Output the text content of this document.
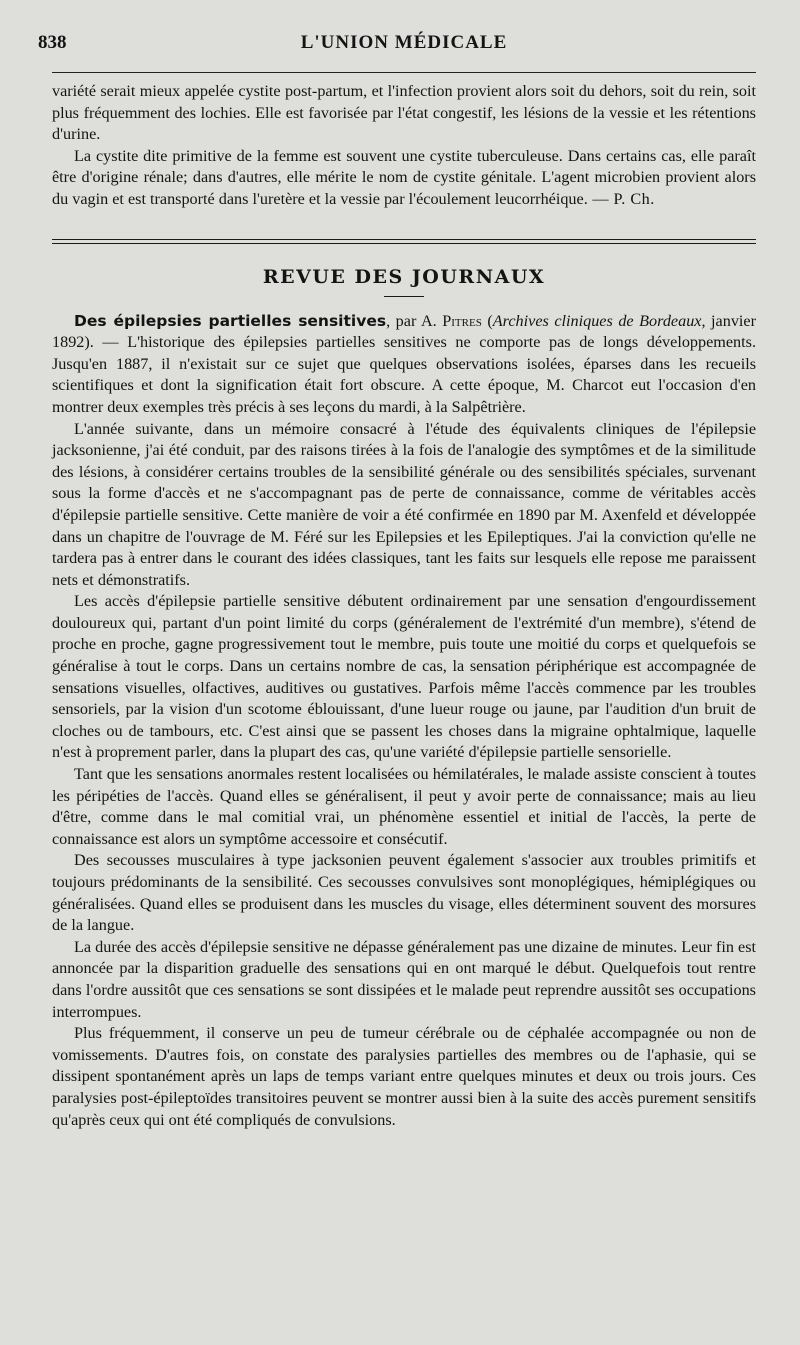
838	L'UNION MÉDICALE

variété serait mieux appelée cystite post-partum, et l'infection provient alors soit du dehors, soit du rein, soit plus fréquemment des lochies. Elle est favorisée par l'état congestif, les lésions de la vessie et les rétentions d'urine.

La cystite dite primitive de la femme est souvent une cystite tuberculeuse. Dans certains cas, elle paraît être d'origine rénale; dans d'autres, elle mérite le nom de cystite génitale. L'agent microbien provient alors du vagin et est transporté dans l'uretère et la vessie par l'écoulement leucorrhéique. — P. Ch.

REVUE DES JOURNAUX

Des épilepsies partielles sensitives, par A. Pitres (Archives cliniques de Bordeaux, janvier 1892). — L'historique des épilepsies partielles sensitives ne comporte pas de longs développements. Jusqu'en 1887, il n'existait sur ce sujet que quelques observations isolées, éparses dans les recueils scientifiques et dont la signification était fort obscure. A cette époque, M. Charcot eut l'occasion d'en montrer deux exemples très précis à ses leçons du mardi, à la Salpêtrière.

L'année suivante, dans un mémoire consacré à l'étude des équivalents cliniques de l'épilepsie jacksonienne, j'ai été conduit, par des raisons tirées à la fois de l'analogie des symptômes et de la similitude des lésions, à considérer certains troubles de la sensibilité générale ou des sensibilités spéciales, survenant sous la forme d'accès et ne s'accompagnant pas de perte de connaissance, comme de véritables accès d'épilepsie partielle sensitive. Cette manière de voir a été confirmée en 1890 par M. Axenfeld et développée dans un chapitre de l'ouvrage de M. Féré sur les Epilepsies et les Epileptiques. J'ai la conviction qu'elle ne tardera pas à entrer dans le courant des idées classiques, tant les faits sur lesquels elle repose me paraissent nets et démonstratifs.

Les accès d'épilepsie partielle sensitive débutent ordinairement par une sensation d'engourdissement douloureux qui, partant d'un point limité du corps (généralement de l'extrémité d'un membre), s'étend de proche en proche, gagne progressivement tout le membre, puis toute une moitié du corps et quelquefois se généralise à tout le corps. Dans un certains nombre de cas, la sensation périphérique est accompagnée de sensations visuelles, olfactives, auditives ou gustatives. Parfois même l'accès commence par les troubles sensoriels, par la vision d'un scotome éblouissant, d'une lueur rouge ou jaune, par l'audition d'un bruit de cloches ou de tambours, etc. C'est ainsi que se passent les choses dans la migraine ophtalmique, laquelle n'est à proprement parler, dans la plupart des cas, qu'une variété d'épilepsie partielle sensorielle.

Tant que les sensations anormales restent localisées ou hémilatérales, le malade assiste conscient à toutes les péripéties de l'accès. Quand elles se généralisent, il peut y avoir perte de connaissance; mais au lieu d'être, comme dans le mal comitial vrai, un phénomène essentiel et initial de l'accès, la perte de connaissance est alors un symptôme accessoire et consécutif.

Des secousses musculaires à type jacksonien peuvent également s'associer aux troubles primitifs et toujours prédominants de la sensibilité. Ces secousses convulsives sont monoplégiques, hémiplégiques ou généralisées. Quand elles se produisent dans les muscles du visage, elles déterminent souvent des morsures de la langue.

La durée des accès d'épilepsie sensitive ne dépasse généralement pas une dizaine de minutes. Leur fin est annoncée par la disparition graduelle des sensations qui en ont marqué le début. Quelquefois tout rentre dans l'ordre aussitôt que ces sensations se sont dissipées et le malade peut reprendre aussitôt ses occupations interrompues.

Plus fréquemment, il conserve un peu de tumeur cérébrale ou de céphalée accompagnée ou non de vomissements. D'autres fois, on constate des paralysies partielles des membres ou de l'aphasie, qui se dissipent spontanément après un laps de temps variant entre quelques minutes et deux ou trois jours. Ces paralysies post-épileptoïdes transitoires peuvent se montrer aussi bien à la suite des accès purement sensitifs qu'après ceux qui ont été compliqués de convulsions.
